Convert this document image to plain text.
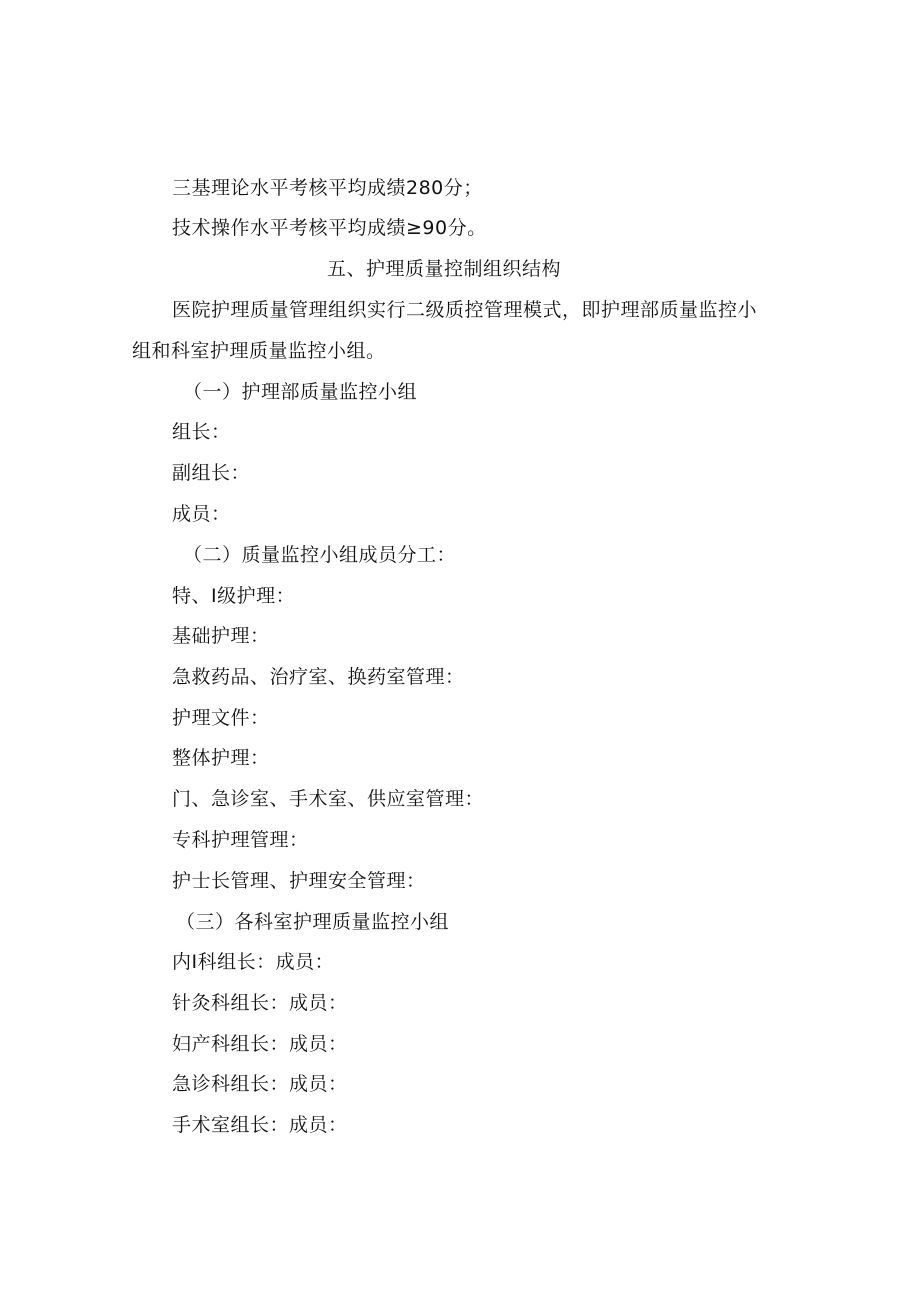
三基理论水平考核平均成绩280分；
技术操作水平考核平均成绩≥90分。
五、护理质量控制组织结构
医院护理质量管理组织实行二级质控管理模式，即护理部质量监控小
组和科室护理质量监控小组。
（一）护理部质量监控小组
组长：
副组长：
成员：
（二）质量监控小组成员分工：
特、I级护理：
基础护理：
急救药品、治疗室、换药室管理：
护理文件：
整体护理：
门、急诊室、手术室、供应室管理：
专科护理管理：
护士长管理、护理安全管理：
（三）各科室护理质量监控小组
内I科组长：成员：
针灸科组长：成员：
妇产科组长：成员：
急诊科组长：成员：
手术室组长：成员：
